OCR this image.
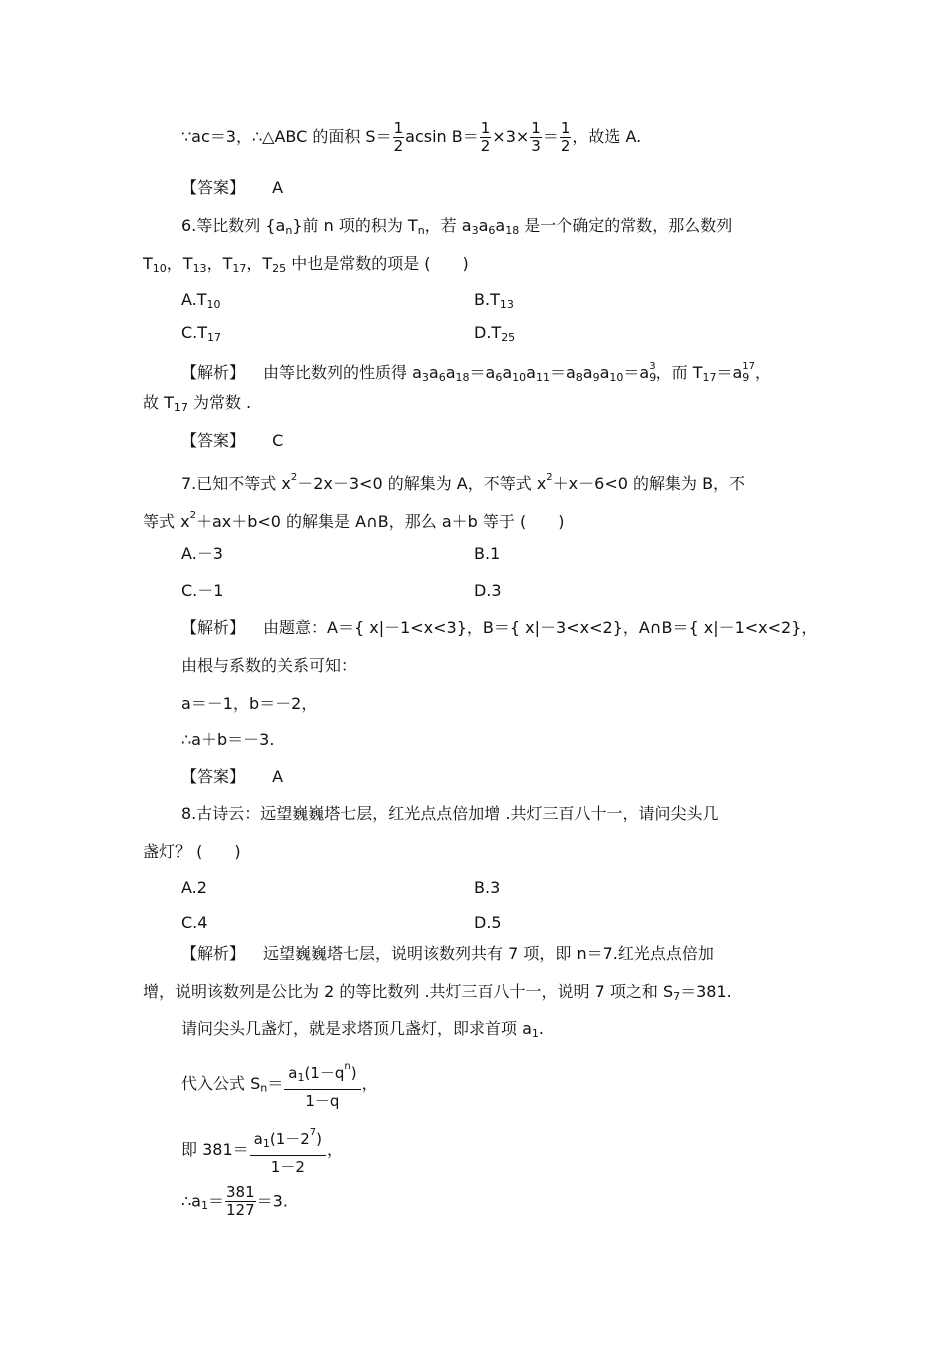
∵ac＝3，∴△ABC 的面积 $S= \frac{1}{2}$ acsin $B= \frac{1}{2} \times 3\times \frac{1}{3} = \frac{1}{2}$ ，故选 A.
【答案】 A
6.等比数列 $\{a_n\}$前 n 项的积为 $T_n$，若 $a_3a_6a_{18}$ 是一个确定的常数，那么数列
$T_{10}$，$T_{13}$，$T_{17}$，$T_{25}$ 中也是常数的项是 (　　)
$A.T_{10}$	$B.T_{13}$
$C.T_{17}$	$D.T_{25}$
【解析】 由等比数列的性质得 $a_3a_6a_{18}=a_6a_{10}a_{11}=a_8a_9a_{10}=a_9^3$，而 $T_{17}=a_9^{17}$，
故 $T_{17}$ 为常数 .
【答案】 C
7.已知不等式 $x^2-2x-3<0$ 的解集为 A，不等式 $x^2+x-6<0$ 的解集为 B，不
等式 $x^2+ax+b<0$ 的解集是 A∩B，那么 a＋b 等于 (　　)
A.－3	B.1
C.－1	D.3
【解析】 由题意：A＝{ x|－1<x<3}，B＝{ x|－3<x<2}，A∩B＝{ x|－1<x<2}，
由根与系数的关系可知：
a＝－1，b＝－2，
∴a＋b＝－3.
【答案】 A
8.古诗云：远望巍巍塔七层，红光点点倍加增 .共灯三百八十一，请问尖头几
盏灯？ (　　)
A.2	B.3
C.4	D.5
【解析】 远望巍巍塔七层，说明该数列共有 7 项，即 n＝7.红光点点倍加
增，说明该数列是公比为 2 的等比数列 .共灯三百八十一，说明 7 项之和 $S_7=381$.
请问尖头几盏灯，就是求塔顶几盏灯，即求首项 $a_1$.
代入公式 $S_n= \frac{a_1(1-q^n)}{1-q}$ ，
即 $381= \frac{a_1(1-2^7)}{1-2}$ ，
$\therefore a_1= \frac{381}{127} =3$.
